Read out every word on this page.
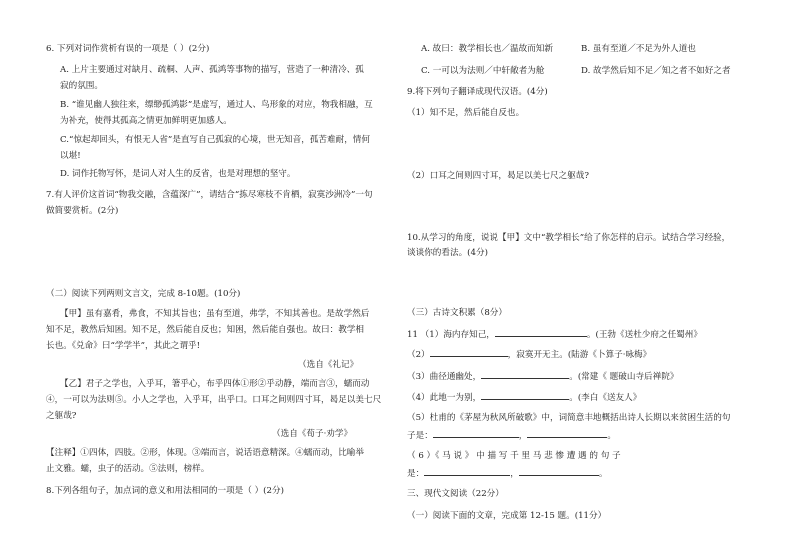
6. 下列对词作赏析有误的一项是（ ）(2分)
A. 上片主要通过对缺月、疏桐、人声、孤鸿等事物的描写，营造了一种清冷、孤
寂的氛围。
B. “谁见幽人独往来，缥缈孤鸿影”是虚写，通过人、鸟形象的对应，物我相融，互
为补充，使得其孤高之情更加鲜明更加感人。
C.“惊起却回头，有恨无人省”是直写自己孤寂的心境，世无知音，孤苦难耐，情何
以堪!
D. 词作托物写怀，是词人对人生的反省，也是对理想的坚守。
7.有人评价这首词“物我交融，含蕴深广”，请结合“拣尽寒枝不肯栖，寂寞沙洲冷”一句
做简要赏析。(2分)
（二）阅读下列两则文言文，完成 8-10题。(10分)
【甲】虽有嘉肴，弗食，不知其旨也；虽有至道，弗学，不知其善也。是故学然后
知不足，教然后知困。知不足，然后能自反也；知困，然后能自强也。故曰：教学相
长也。《兑命》曰“学学半”，其此之谓乎!
（选自《礼记》
【乙】君子之学也，入乎耳，箸乎心，布乎四体①形②乎动静，端而言③，蠕而动
④，一可以为法则⑤。小人之学也，入乎耳，出乎口。口耳之间则四寸耳，曷足以美七尺
之躯哉?
（选自《荀子·劝学》
【注释】①四体，四肢。②形，体现。③端而言，说话语意精深。④蠕而动，比喻举
止文雅。蠕，虫子的活动。⑤法则，榜样。
8.下列各组句子，加点词的意义和用法相同的一项是（ ）(2分)
A. 故曰：教学相长也／温故而知新	B. 虽有至道／不足为外人道也
C. 一可以为法则／中轩敞者为舱	D. 故学然后知不足／知之者不如好之者
9.将下列句子翻译成现代汉语。(4分)
（1）知不足，然后能自反也。
（2）口耳之间则四寸耳，曷足以美七尺之躯哉?
10.从学习的角度，说说【甲】文中“教学相长”给了你怎样的启示。试结合学习经验，
谈谈你的看法。(4分)
（三）古诗文积累（8分）
11 （1）海内存知己，	。(王勃《送杜少府之任蜀州》
（2）	，寂寞开无主。(陆游《卜算子·咏梅》
（3）曲径通幽处，	。(常建《 题破山寺后禅院》
（4）此地一为别，	。(李白《送友人》
（5）杜甫的《茅屋为秋风所破歌》中，词简意丰地概括出诗人长期以来贫困生活的句
子是：	，	。
（ 6 ）《 马 说 》 中 描 写 千 里 马 悲 惨 遭 遇 的 句 子
是：	，	。
三、现代文阅读（22分）
（一）阅读下面的文章，完成第 12-15 题。(11分）
